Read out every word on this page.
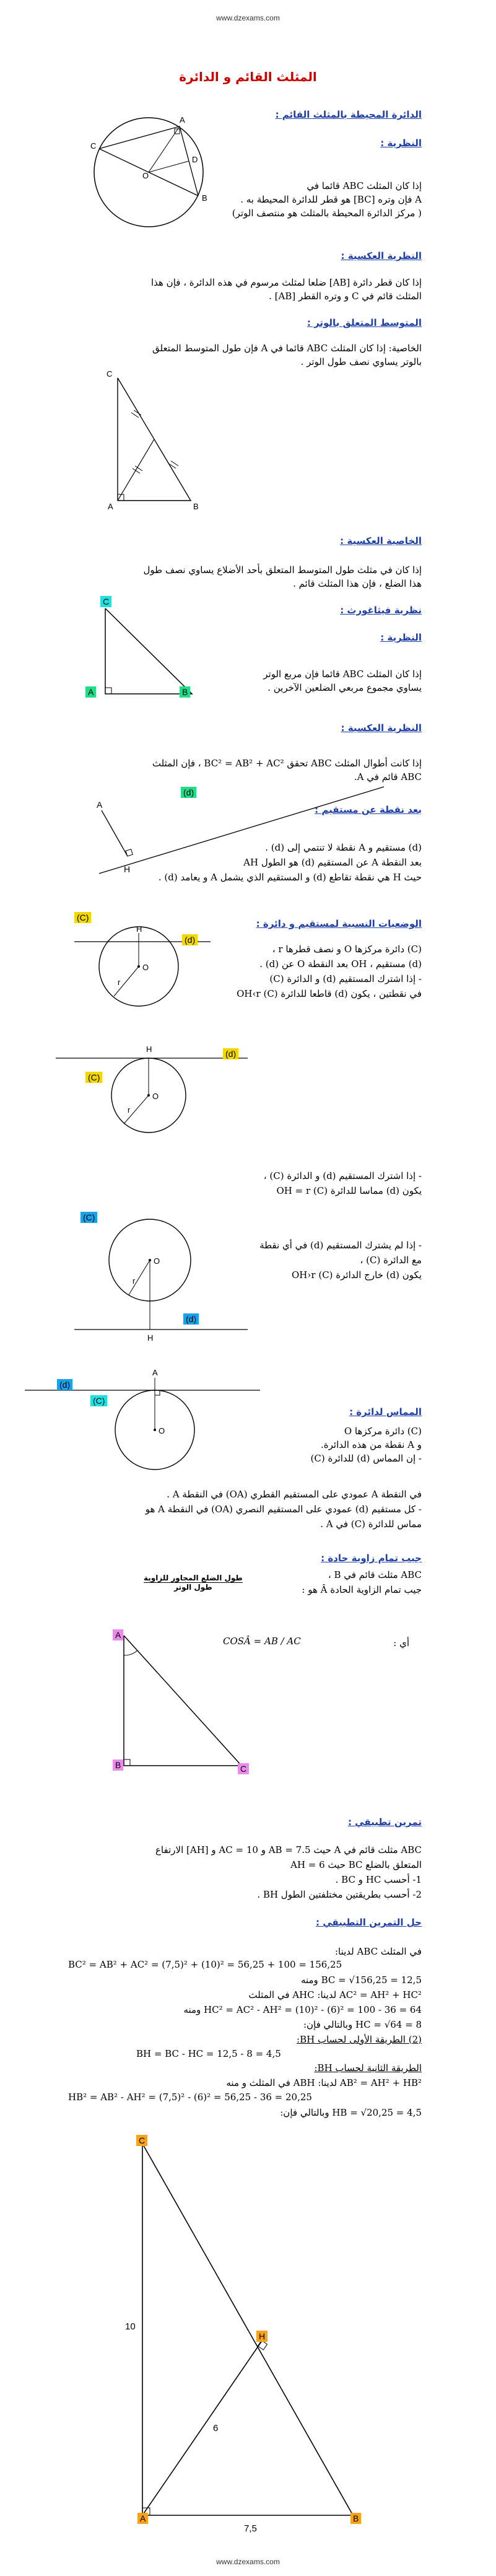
www.dzexams.com
المثلث القائم و الدائرة
الدائرة المحيطة بالمثلث القائم :
النظرية :
إذا كان المثلث ABC قائما في
A فإن وتره [BC] هو قطر للدائرة المحيطة به .
( مركز الدائرة المحيطة بالمثلث هو منتصف الوتر)
A
B
C
D
O
النظرية العكسية :
إذا كان قطر دائرة [AB] ضلعا لمثلث مرسوم في هذه الدائرة ، فإن هذا
المثلث قائم في C و وتره القطر [AB] .
المتوسط المتعلق بالوتر :
الخاصية: إذا كان المثلث ABC قائما في A فإن طول المتوسط المتعلق
بالوتر يساوي نصف طول الوتر .
C
A	B
الخاصية العكسية :
إذا كان في مثلث طول المتوسط المتعلق بأحد الأضلاع يساوي نصف طول
هذا الضلع ، فإن هذا المثلث قائم .
نظرية فيثاغورث :
النظرية :
إذا كان المثلث ABC قائما فإن مربع الوتر
يساوي مجموع مربعي الضلعين الآخرين .
C
A	B
النظرية العكسية :
إذا كانت أطوال المثلث ABC تحقق BC² = AB² + AC² ، فإن المثلث
ABC قائم في A.
بعد نقطة عن مستقيم :
A
H
(d)
(d) مستقيم و A نقطة لا تنتمي إلى (d) .
بعد النقطة A عن المستقيم (d) هو الطول AH
حيث H هي نقطة تقاطع (d) و المستقيم الذي يشمل A و يعامد (d) .
الوضعيات النسبية لمستقيم و دائرة :
H
O
r
(C)
(d)
(C) دائرة مركزها O و نصف قطرها r ،
(d) مستقيم ، OH بعد النقطة O عن (d) .
- إذا اشترك المستقيم (d) و الدائرة (C)
في نقطتين ، يكون (d) قاطعا للدائرة (C) OH‹r
H
O
r
(C)
(d)
- إذا اشترك المستقيم (d) و الدائرة (C) ،
يكون (d) مماسا للدائرة (C) OH = r
O
r
H
(C)
(d)
- إذا لم يشترك المستقيم (d) في أي نقطة
مع الدائرة (C) ،
يكون (d) خارج الدائرة (C) OH›r
A
O
(C)
(d)
المماس لدائرة :
(C) دائرة مركزها O
و A نقطة من هذه الدائرة.
- إن المماس (d) للدائرة (C)
في النقطة A عمودي على المستقيم القطري (OA) في النقطة A .
- كل مستقيم (d) عمودي على المستقيم النصري (OA) في النقطة A هو
مماس للدائرة (C) في A .
جيب تمام زاوية حادة :
ABC مثلث قائم في B ،
جيب تمام الزاوية الحادة Â هو :
$\frac{\text{طول الضلع المجاور للزاوية}}{\text{طول الوتر}}$
COSÂ = AB / AC	أي :
A
B	C
تمرين تطبيقي :
ABC مثلث قائم في A حيث AB = 7.5 و AC = 10 و [AH] الارتفاع
المتعلق بالضلع BC حيث AH = 6
1- أحسب HC و BC .
2- أحسب بطريقتين مختلفتين الطول BH .
حل التمرين التطبيقي :
في المثلث ABC لدينا:
BC² = AB² + AC² = (7,5)² + (10)² = 56,25 + 100 = 156,25
BC = √156,25 = 12,5 ومنه
AC² = AH² + HC² لدينا: AHC في المثلث
HC² = AC² - AH² = (10)² - (6)² = 100 - 36 = 64 ومنه
HC = √64 = 8 وبالتالي فإن:
(2) الطريقة الأولى لحساب BH:
BH = BC - HC = 12,5 - 8 = 4,5
الطريقة الثانية لحساب BH:
AB² = AH² + HB² لدينا: ABH في المثلث و منه
HB² = AB² - AH² = (7,5)² - (6)² = 56,25 - 36 = 20,25
HB = √20,25 = 4,5 وبالتالي فإن:
10
6
7,5
C
H
A	B
www.dzexams.com
